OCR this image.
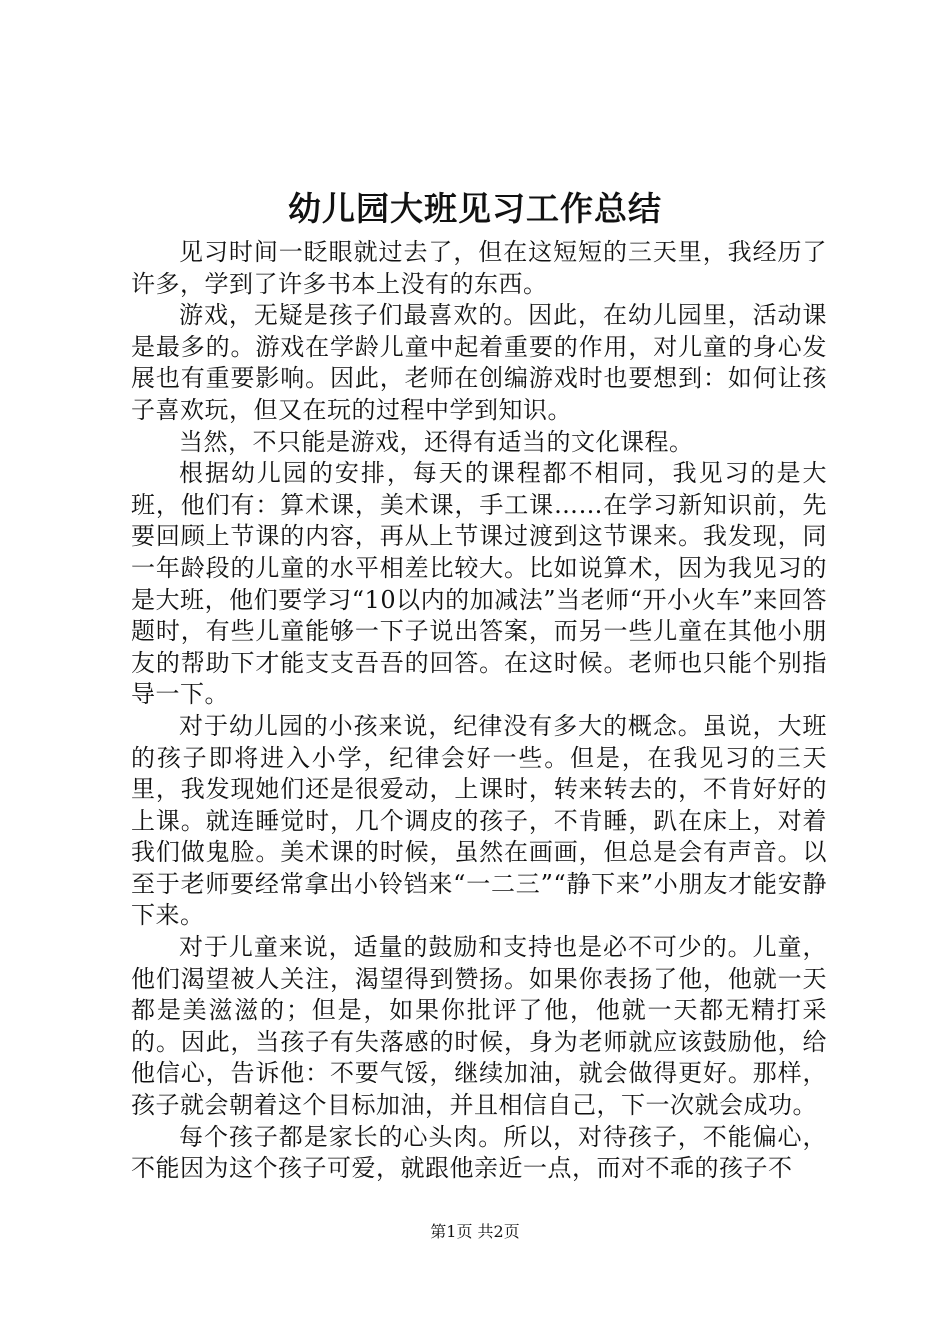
幼儿园大班见习工作总结

见习时间一眨眼就过去了，但在这短短的三天里，我经历了许多，学到了许多书本上没有的东西。

游戏，无疑是孩子们最喜欢的。因此，在幼儿园里，活动课是最多的。游戏在学龄儿童中起着重要的作用，对儿童的身心发展也有重要影响。因此，老师在创编游戏时也要想到：如何让孩子喜欢玩，但又在玩的过程中学到知识。

当然，不只能是游戏，还得有适当的文化课程。

根据幼儿园的安排，每天的课程都不相同，我见习的是大班，他们有：算术课，美术课，手工课……在学习新知识前，先要回顾上节课的内容，再从上节课过渡到这节课来。我发现，同一年龄段的儿童的水平相差比较大。比如说算术，因为我见习的是大班，他们要学习“10以内的加减法”当老师“开小火车”来回答题时，有些儿童能够一下子说出答案，而另一些儿童在其他小朋友的帮助下才能支支吾吾的回答。在这时候。老师也只能个别指导一下。

对于幼儿园的小孩来说，纪律没有多大的概念。虽说，大班的孩子即将进入小学，纪律会好一些。但是，在我见习的三天里，我发现她们还是很爱动，上课时，转来转去的，不肯好好的上课。就连睡觉时，几个调皮的孩子，不肯睡，趴在床上，对着我们做鬼脸。美术课的时候，虽然在画画，但总是会有声音。以至于老师要经常拿出小铃铛来“一二三”“静下来”小朋友才能安静下来。

对于儿童来说，适量的鼓励和支持也是必不可少的。儿童，他们渴望被人关注，渴望得到赞扬。如果你表扬了他，他就一天都是美滋滋的；但是，如果你批评了他，他就一天都无精打采的。因此，当孩子有失落感的时候，身为老师就应该鼓励他，给他信心，告诉他：不要气馁，继续加油，就会做得更好。那样，孩子就会朝着这个目标加油，并且相信自己，下一次就会成功。

每个孩子都是家长的心头肉。所以，对待孩子，不能偏心，不能因为这个孩子可爱，就跟他亲近一点，而对不乖的孩子不

第1页 共2页
